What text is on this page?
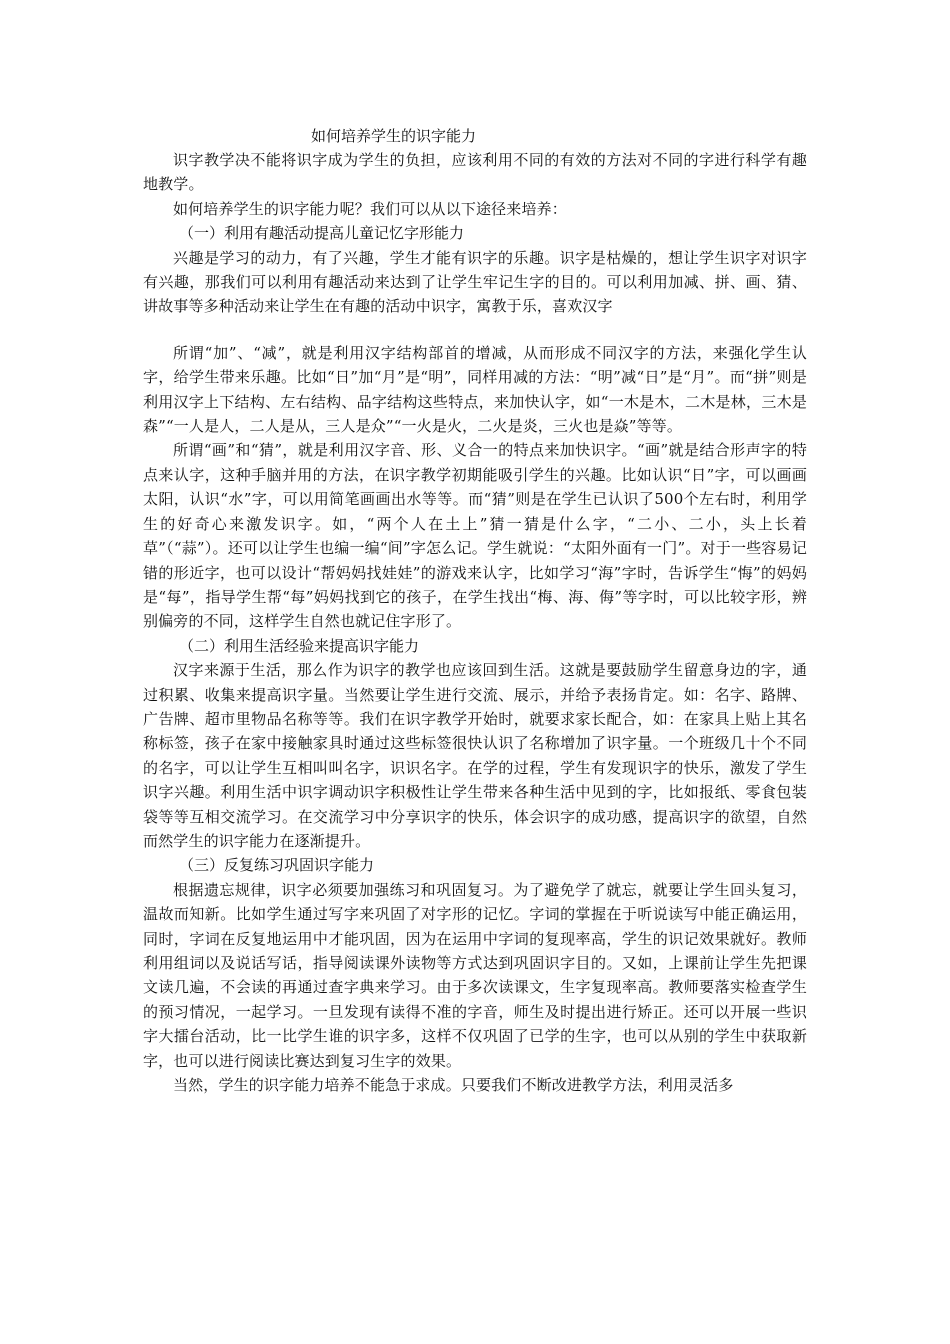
如何培养学生的识字能力

识字教学决不能将识字成为学生的负担，应该利用不同的有效的方法对不同的字进行科学有趣地教学。

如何培养学生的识字能力呢？我们可以从以下途径来培养：

（一）利用有趣活动提高儿童记忆字形能力

兴趣是学习的动力，有了兴趣，学生才能有识字的乐趣。识字是枯燥的，想让学生识字对识字有兴趣，那我们可以利用有趣活动来达到了让学生牢记生字的目的。可以利用加减、拼、画、猜、讲故事等多种活动来让学生在有趣的活动中识字，寓教于乐，喜欢汉字

所谓“加”、“减”，就是利用汉字结构部首的增减，从而形成不同汉字的方法，来强化学生认字，给学生带来乐趣。比如“日”加“月”是“明”，同样用减的方法：“明”减“日”是“月”。而“拼”则是利用汉字上下结构、左右结构、品字结构这些特点，来加快认字，如“一木是木，二木是林，三木是森”“一人是人，二人是从，三人是众”“一火是火，二火是炎，三火也是焱”等等。

所谓“画”和“猜”，就是利用汉字音、形、义合一的特点来加快识字。“画”就是结合形声字的特点来认字，这种手脑并用的方法，在识字教学初期能吸引学生的兴趣。比如认识“日”字，可以画画太阳，认识“水”字，可以用简笔画画出水等等。而“猜”则是在学生已认识了500个左右时，利用学生的好奇心来激发识字。如，“两个人在土上”猜一猜是什么字，“二小、二小，头上长着草”（“蒜”）。还可以让学生也编一编“间”字怎么记。学生就说：“太阳外面有一门”。对于一些容易记错的形近字，也可以设计“帮妈妈找娃娃”的游戏来认字，比如学习“海”字时，告诉学生“悔”的妈妈是“每”，指导学生帮“每”妈妈找到它的孩子，在学生找出“梅、海、侮”等字时，可以比较字形，辨别偏旁的不同，这样学生自然也就记住字形了。

（二）利用生活经验来提高识字能力

汉字来源于生活，那么作为识字的教学也应该回到生活。这就是要鼓励学生留意身边的字，通过积累、收集来提高识字量。当然要让学生进行交流、展示，并给予表扬肯定。如：名字、路牌、广告牌、超市里物品名称等等。我们在识字教学开始时，就要求家长配合，如：在家具上贴上其名称标签，孩子在家中接触家具时通过这些标签很快认识了名称增加了识字量。一个班级几十个不同的名字，可以让学生互相叫叫名字，识识名字。在学的过程，学生有发现识字的快乐，激发了学生识字兴趣。利用生活中识字调动识字积极性让学生带来各种生活中见到的字，比如报纸、零食包装袋等等互相交流学习。在交流学习中分享识字的快乐，体会识字的成功感，提高识字的欲望，自然而然学生的识字能力在逐渐提升。

（三）反复练习巩固识字能力

根据遗忘规律，识字必须要加强练习和巩固复习。为了避免学了就忘，就要让学生回头复习，温故而知新。比如学生通过写字来巩固了对字形的记忆。字词的掌握在于听说读写中能正确运用，同时，字词在反复地运用中才能巩固，因为在运用中字词的复现率高，学生的识记效果就好。教师利用组词以及说话写话，指导阅读课外读物等方式达到巩固识字目的。又如，上课前让学生先把课文读几遍，不会读的再通过查字典来学习。由于多次读课文，生字复现率高。教师要落实检查学生的预习情况，一起学习。一旦发现有读得不准的字音，师生及时提出进行矫正。还可以开展一些识字大擂台活动，比一比学生谁的识字多，这样不仅巩固了已学的生字，也可以从别的学生中获取新字，也可以进行阅读比赛达到复习生字的效果。

当然，学生的识字能力培养不能急于求成。只要我们不断改进教学方法，利用灵活多
